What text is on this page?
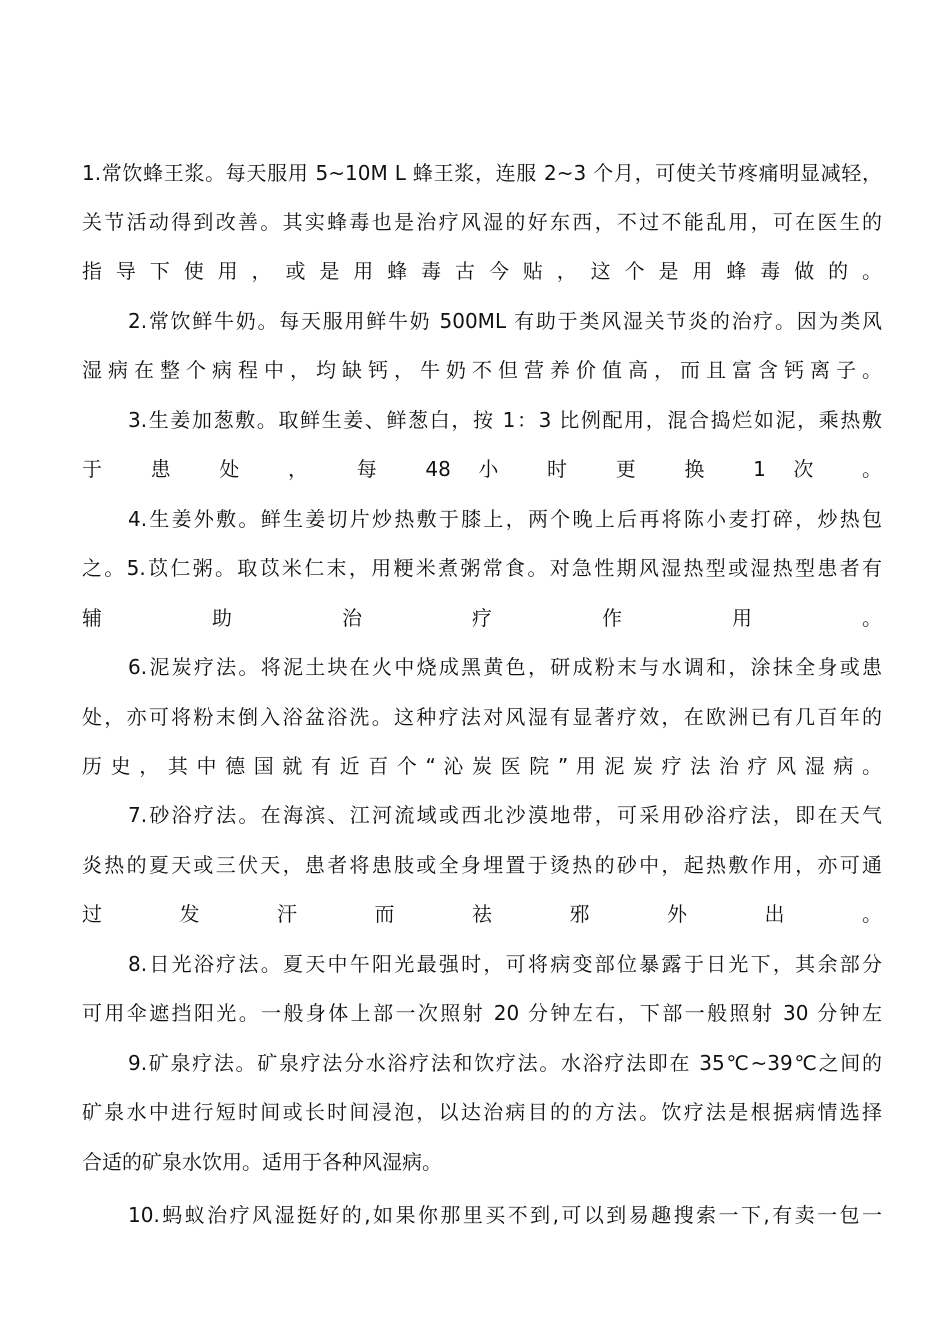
1.常饮蜂王浆。每天服用 5~10M L 蜂王浆，连服 2~3 个月，可使关节疼痛明显减轻，
关节活动得到改善。其实蜂毒也是治疗风湿的好东西，不过不能乱用，可在医生的
指 导 下 使 用 ， 或 是 用 蜂 毒 古 今 贴 ， 这 个 是 用 蜂 毒 做 的 。
2.常饮鲜牛奶。每天服用鲜牛奶 500ML 有助于类风湿关节炎的治疗。因为类风
湿病在整个病程中，均缺钙，牛奶不但营养价值高，而且富含钙离子。
3.生姜加葱敷。取鲜生姜、鲜葱白，按 1：3 比例配用，混合捣烂如泥，乘热敷
于 患 处 ， 每 48 小 时 更 换 1 次 。
4.生姜外敷。鲜生姜切片炒热敷于膝上，两个晚上后再将陈小麦打碎，炒热包
之。5.苡仁粥。取苡米仁末，用粳米煮粥常食。对急性期风湿热型或湿热型患者有
辅 助 治 疗 作 用 。
6.泥炭疗法。将泥土块在火中烧成黑黄色，研成粉末与水调和，涂抹全身或患
处，亦可将粉末倒入浴盆浴洗。这种疗法对风湿有显著疗效，在欧洲已有几百年的
历 史 ， 其 中 德 国 就 有 近 百 个 “ 沁 炭 医 院 ” 用 泥 炭 疗 法 治 疗 风 湿 病 。
7.砂浴疗法。在海滨、江河流域或西北沙漠地带，可采用砂浴疗法，即在天气
炎热的夏天或三伏天，患者将患肢或全身埋置于烫热的砂中，起热敷作用，亦可通
过 发 汗 而 祛 邪 外 出 。
8.日光浴疗法。夏天中午阳光最强时，可将病变部位暴露于日光下，其余部分
可用伞遮挡阳光。一般身体上部一次照射 20 分钟左右，下部一般照射 30 分钟左
9.矿泉疗法。矿泉疗法分水浴疗法和饮疗法。水浴疗法即在 35℃~39℃之间的
矿泉水中进行短时间或长时间浸泡，以达治病目的的方法。饮疗法是根据病情选择
合适的矿泉水饮用。适用于各种风湿病。
10.蚂蚁治疗风湿挺好的,如果你那里买不到,可以到易趣搜索一下,有卖一包一
